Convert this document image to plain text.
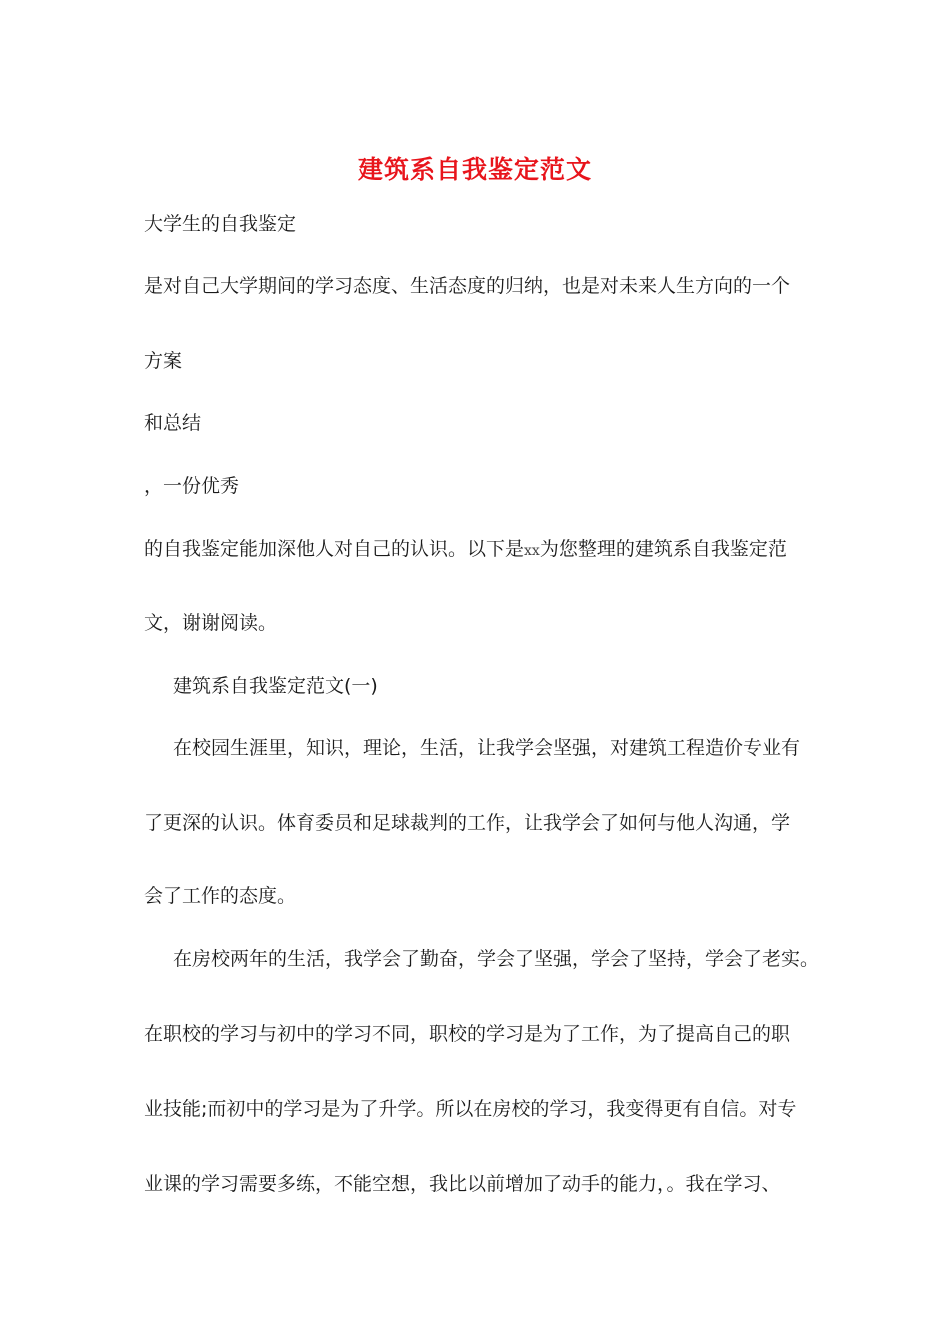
建筑系自我鉴定范文
大学生的自我鉴定
是对自己大学期间的学习态度、生活态度的归纳，也是对未来人生方向的一个
方案
和总结
，一份优秀
的自我鉴定能加深他人对自己的认识。以下是xx为您整理的建筑系自我鉴定范
文，谢谢阅读。
建筑系自我鉴定范文(一)
在校园生涯里，知识，理论，生活，让我学会坚强，对建筑工程造价专业有
了更深的认识。体育委员和足球裁判的工作，让我学会了如何与他人沟通，学
会了工作的态度。
在房校两年的生活，我学会了勤奋，学会了坚强，学会了坚持，学会了老实。
在职校的学习与初中的学习不同，职校的学习是为了工作，为了提高自己的职
业技能;而初中的学习是为了升学。所以在房校的学习，我变得更有自信。对专
业课的学习需要多练，不能空想，我比以前增加了动手的能力，。我在学习、
